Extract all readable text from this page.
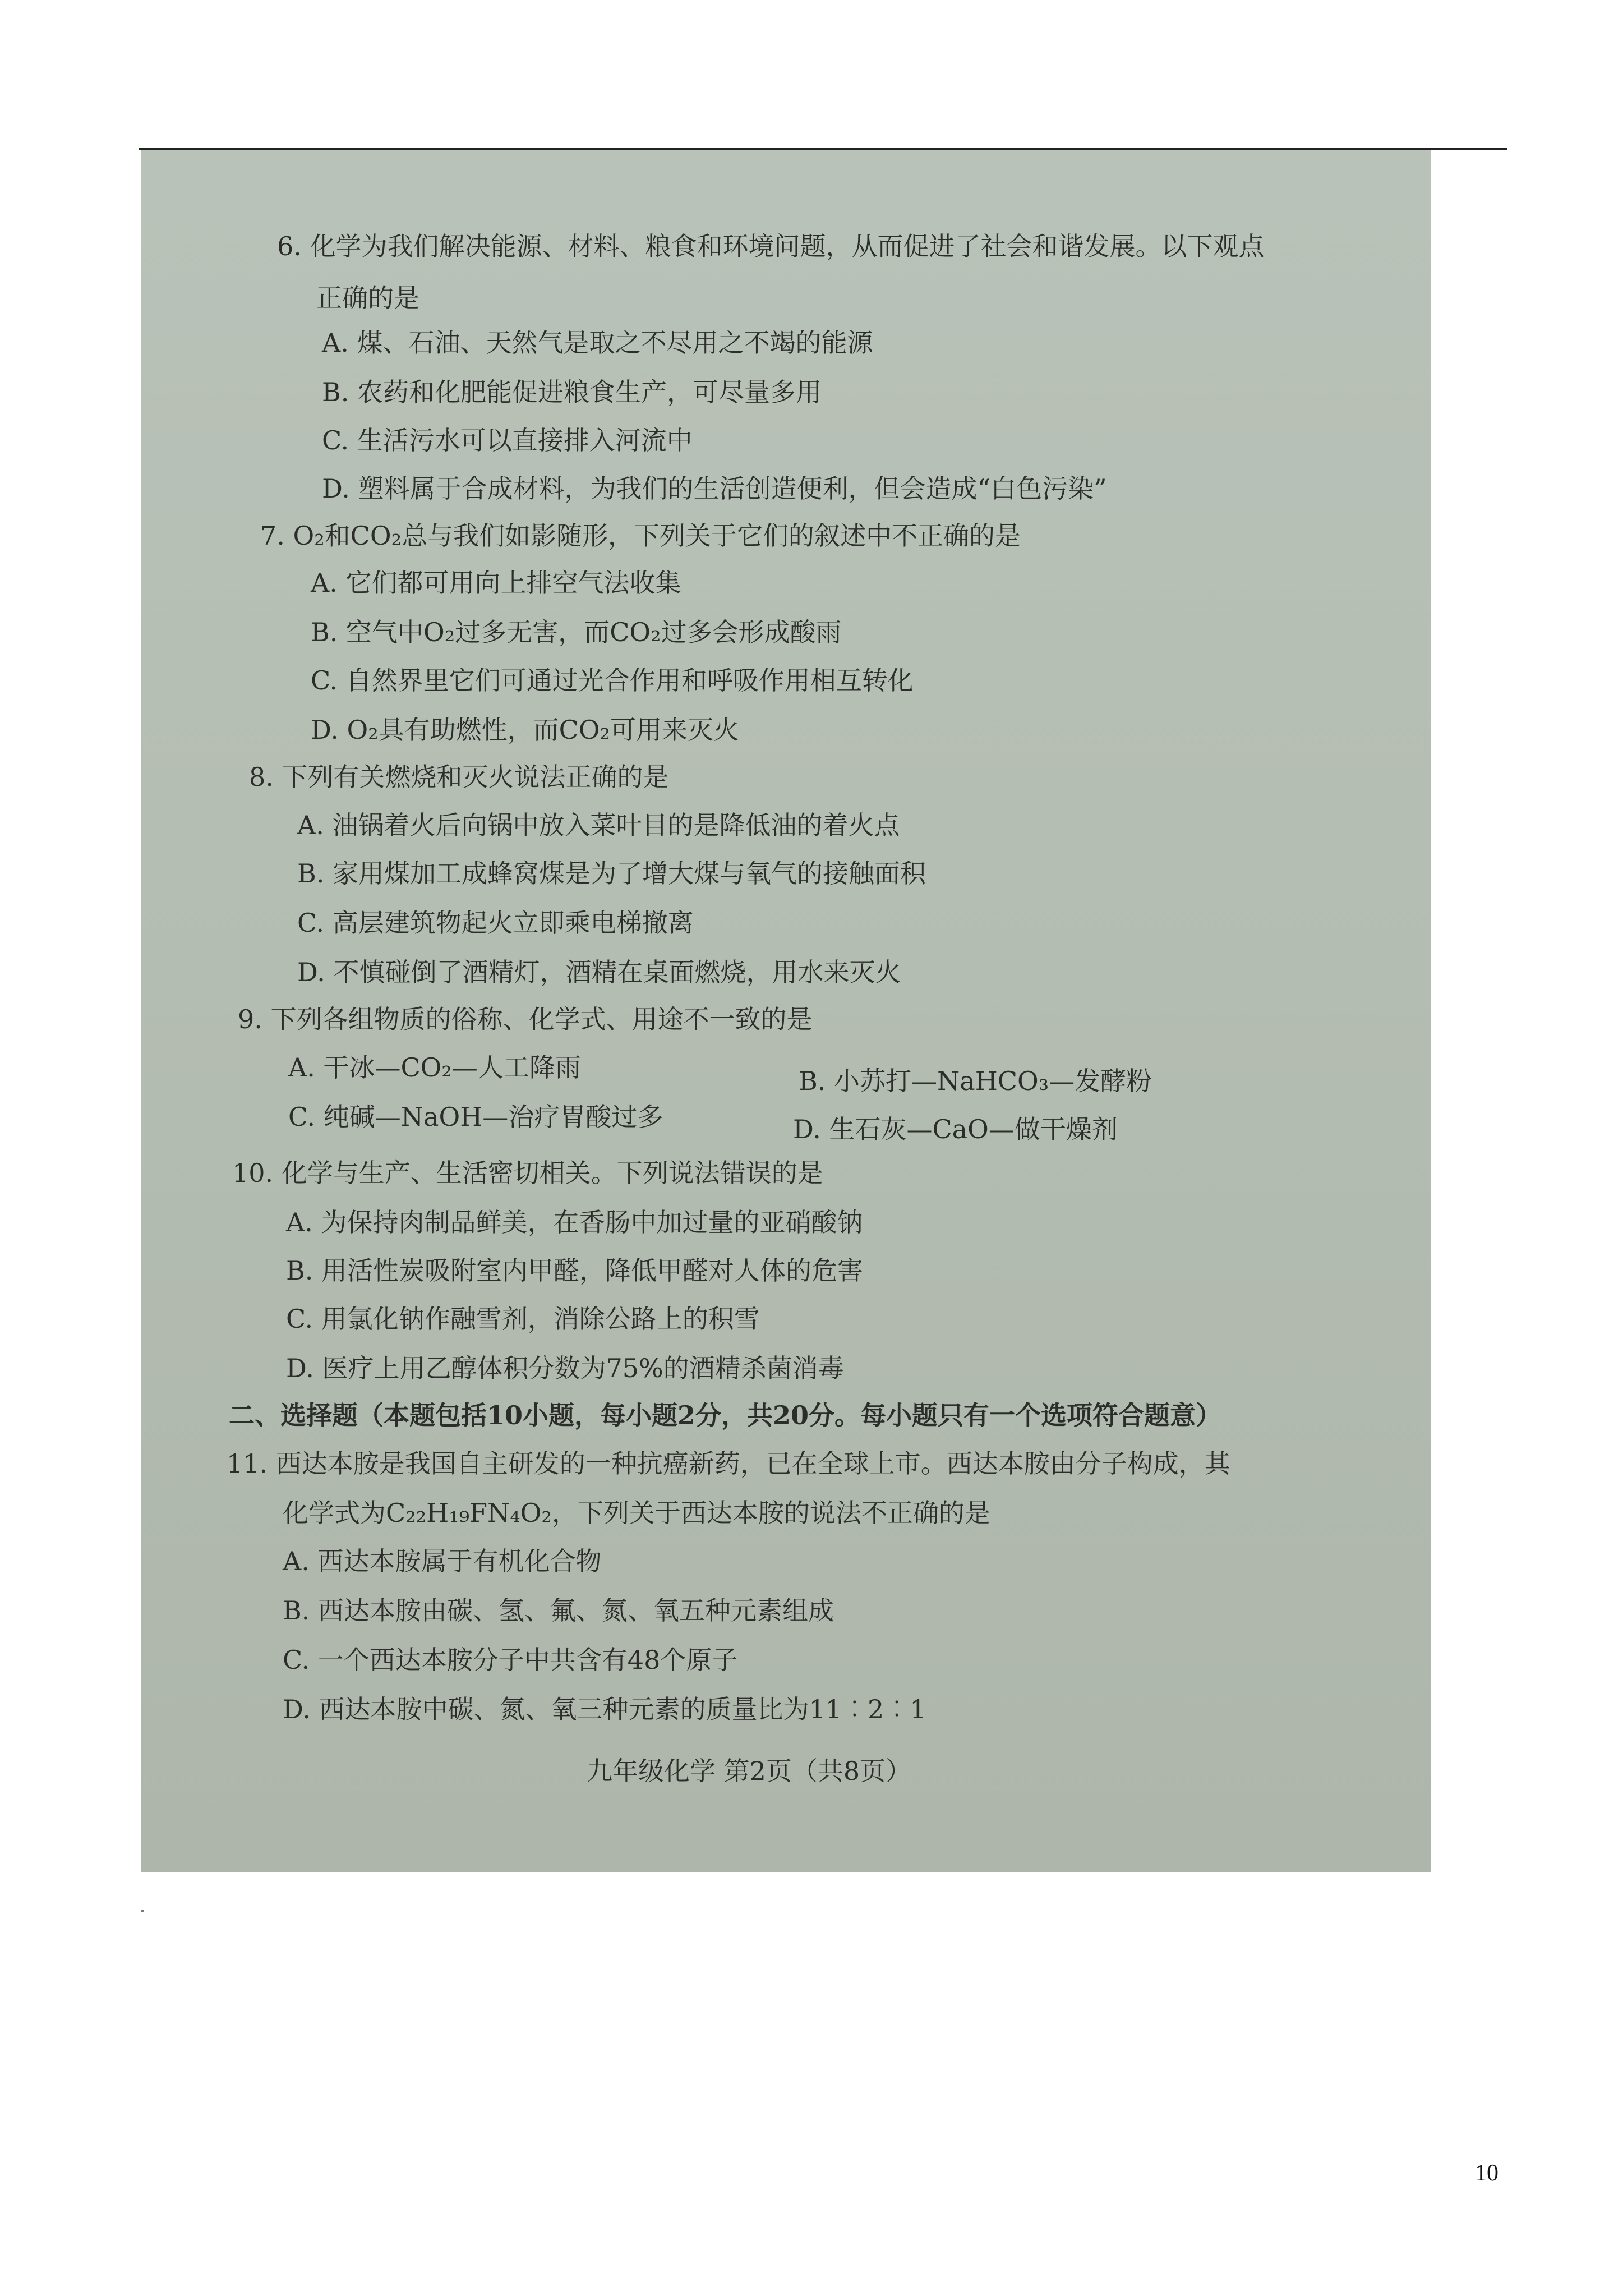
6. 化学为我们解决能源、材料、粮食和环境问题，从而促进了社会和谐发展。以下观点
正确的是
A. 煤、石油、天然气是取之不尽用之不竭的能源
B. 农药和化肥能促进粮食生产，可尽量多用
C. 生活污水可以直接排入河流中
D. 塑料属于合成材料，为我们的生活创造便利，但会造成“白色污染”
7. O₂和CO₂总与我们如影随形，下列关于它们的叙述中不正确的是
A. 它们都可用向上排空气法收集
B. 空气中O₂过多无害，而CO₂过多会形成酸雨
C. 自然界里它们可通过光合作用和呼吸作用相互转化
D. O₂具有助燃性，而CO₂可用来灭火
8. 下列有关燃烧和灭火说法正确的是
A. 油锅着火后向锅中放入菜叶目的是降低油的着火点
B. 家用煤加工成蜂窝煤是为了增大煤与氧气的接触面积
C. 高层建筑物起火立即乘电梯撤离
D. 不慎碰倒了酒精灯，酒精在桌面燃烧，用水来灭火
9. 下列各组物质的俗称、化学式、用途不一致的是
A. 干冰—CO₂—人工降雨	B. 小苏打—NaHCO₃—发酵粉
C. 纯碱—NaOH—治疗胃酸过多	D. 生石灰—CaO—做干燥剂
10. 化学与生产、生活密切相关。下列说法错误的是
A. 为保持肉制品鲜美，在香肠中加过量的亚硝酸钠
B. 用活性炭吸附室内甲醛，降低甲醛对人体的危害
C. 用氯化钠作融雪剂，消除公路上的积雪
D. 医疗上用乙醇体积分数为75%的酒精杀菌消毒
二、选择题（本题包括10小题，每小题2分，共20分。每小题只有一个选项符合题意）
11. 西达本胺是我国自主研发的一种抗癌新药，已在全球上市。西达本胺由分子构成，其
化学式为C₂₂H₁₉FN₄O₂，下列关于西达本胺的说法不正确的是
A. 西达本胺属于有机化合物
B. 西达本胺由碳、氢、氟、氮、氧五种元素组成
C. 一个西达本胺分子中共含有48个原子
D. 西达本胺中碳、氮、氧三种元素的质量比为11︰2︰1
九年级化学 第2页（共8页）
10
